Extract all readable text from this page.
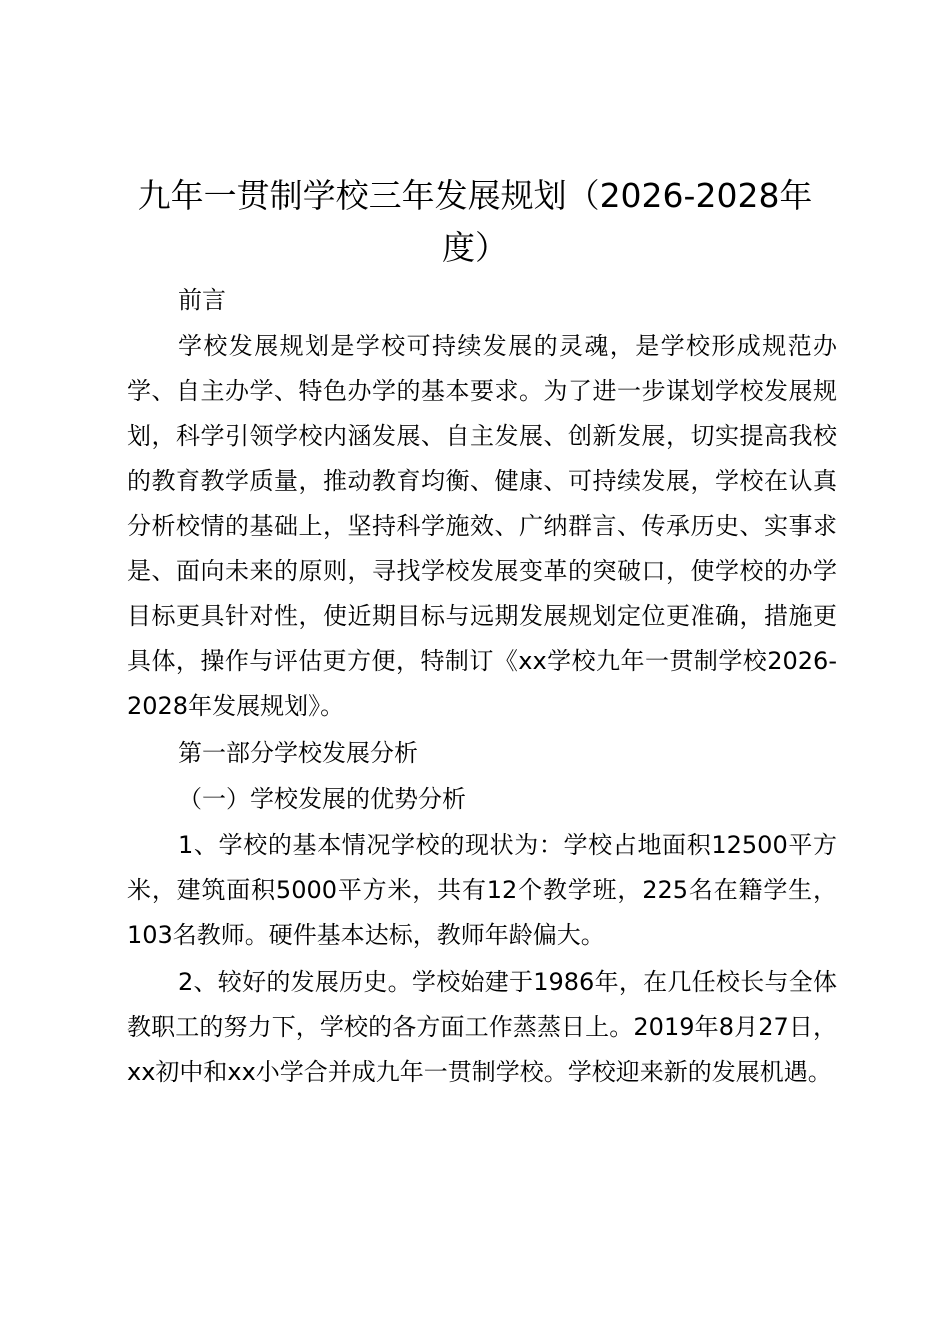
九年一贯制学校三年发展规划（2026-2028年度）

前言

学校发展规划是学校可持续发展的灵魂，是学校形成规范办学、自主办学、特色办学的基本要求。为了进一步谋划学校发展规划，科学引领学校内涵发展、自主发展、创新发展，切实提高我校的教育教学质量，推动教育均衡、健康、可持续发展，学校在认真分析校情的基础上，坚持科学施效、广纳群言、传承历史、实事求是、面向未来的原则，寻找学校发展变革的突破口，使学校的办学目标更具针对性，使近期目标与远期发展规划定位更准确，措施更具体，操作与评估更方便，特制订《xx学校九年一贯制学校2026-2028年发展规划》。

第一部分学校发展分析

（一）学校发展的优势分析

1、学校的基本情况学校的现状为：学校占地面积12500平方米，建筑面积5000平方米，共有12个教学班，225名在籍学生，103名教师。硬件基本达标，教师年龄偏大。

2、较好的发展历史。学校始建于1986年，在几任校长与全体教职工的努力下，学校的各方面工作蒸蒸日上。2019年8月27日，xx初中和xx小学合并成九年一贯制学校。学校迎来新的发展机遇。
